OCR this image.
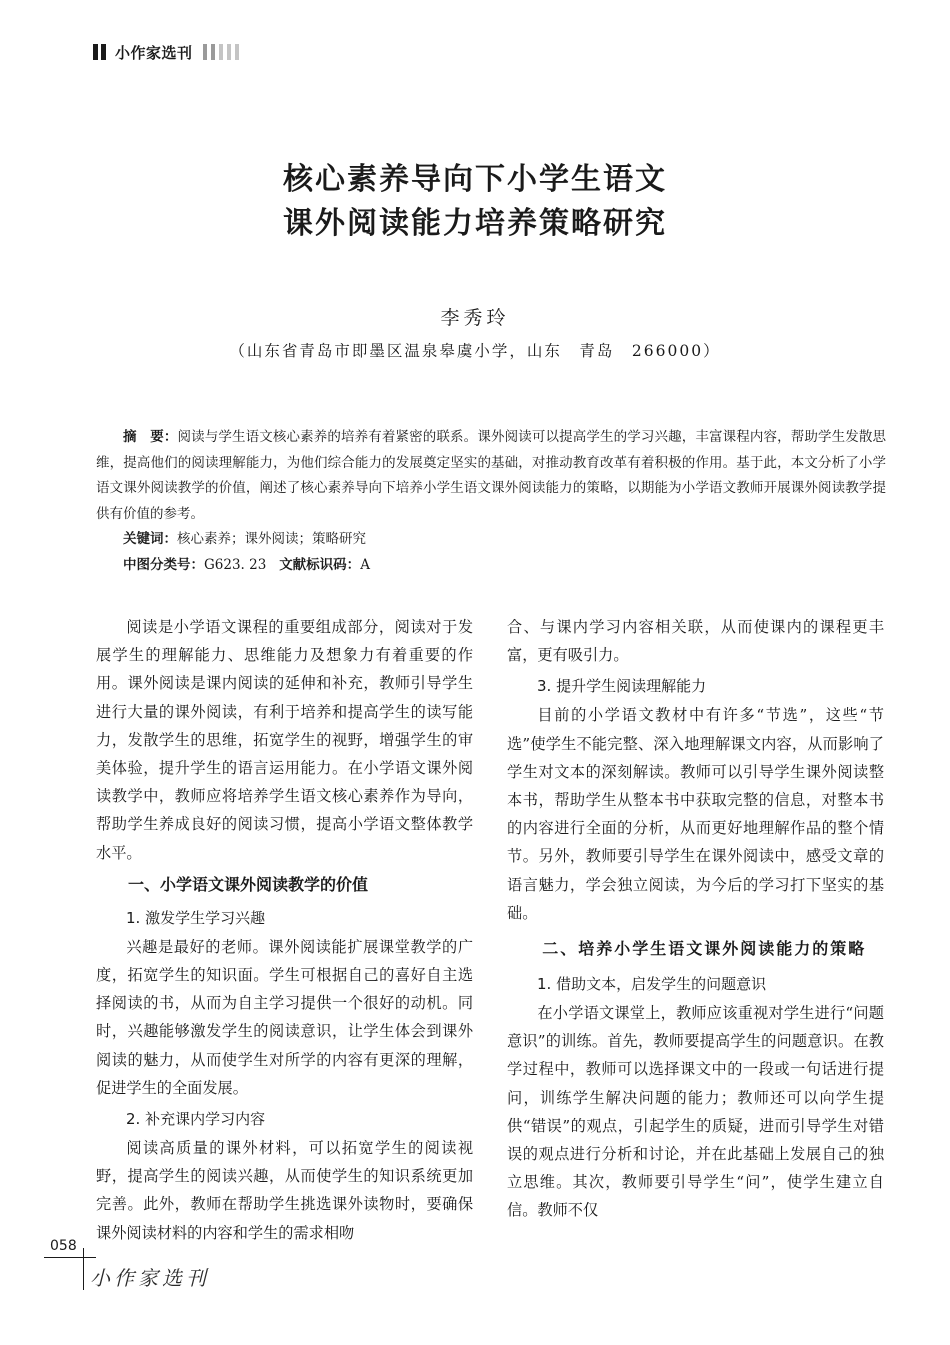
小作家选刊
核心素养导向下小学生语文
课外阅读能力培养策略研究
李秀玲
（山东省青岛市即墨区温泉皋虞小学，山东　青岛　266000）

摘　要：阅读与学生语文核心素养的培养有着紧密的联系。课外阅读可以提高学生的学习兴趣，丰富课程内容，帮助学生发散思维，提高他们的阅读理解能力，为他们综合能力的发展奠定坚实的基础，对推动教育改革有着积极的作用。基于此，本文分析了小学语文课外阅读教学的价值，阐述了核心素养导向下培养小学生语文课外阅读能力的策略，以期能为小学语文教师开展课外阅读教学提供有价值的参考。

关键词：核心素养；课外阅读；策略研究

中图分类号：G623. 23 文献标识码：A

阅读是小学语文课程的重要组成部分，阅读对于发展学生的理解能力、思维能力及想象力有着重要的作用。课外阅读是课内阅读的延伸和补充，教师引导学生进行大量的课外阅读，有利于培养和提高学生的读写能力，发散学生的思维，拓宽学生的视野，增强学生的审美体验，提升学生的语言运用能力。在小学语文课外阅读教学中，教师应将培养学生语文核心素养作为导向，帮助学生养成良好的阅读习惯，提高小学语文整体教学水平。

一、小学语文课外阅读教学的价值
1. 激发学生学习兴趣

兴趣是最好的老师。课外阅读能扩展课堂教学的广度，拓宽学生的知识面。学生可根据自己的喜好自主选择阅读的书，从而为自主学习提供一个很好的动机。同时，兴趣能够激发学生的阅读意识，让学生体会到课外阅读的魅力，从而使学生对所学的内容有更深的理解，促进学生的全面发展。

2. 补充课内学习内容

阅读高质量的课外材料，可以拓宽学生的阅读视野，提高学生的阅读兴趣，从而使学生的知识系统更加完善。此外，教师在帮助学生挑选课外读物时，要确保课外阅读材料的内容和学生的需求相吻

合、与课内学习内容相关联，从而使课内的课程更丰富，更有吸引力。

3. 提升学生阅读理解能力

目前的小学语文教材中有许多“节选”，这些“节选”使学生不能完整、深入地理解课文内容，从而影响了学生对文本的深刻解读。教师可以引导学生课外阅读整本书，帮助学生从整本书中获取完整的信息，对整本书的内容进行全面的分析，从而更好地理解作品的整个情节。另外，教师要引导学生在课外阅读中，感受文章的语言魅力，学会独立阅读，为今后的学习打下坚实的基础。

二、培养小学生语文课外阅读能力的策略
1. 借助文本，启发学生的问题意识

在小学语文课堂上，教师应该重视对学生进行“问题意识”的训练。首先，教师要提高学生的问题意识。在教学过程中，教师可以选择课文中的一段或一句话进行提问，训练学生解决问题的能力；教师还可以向学生提供“错误”的观点，引起学生的质疑，进而引导学生对错误的观点进行分析和讨论，并在此基础上发展自己的独立思维。其次，教师要引导学生“问”，使学生建立自信。教师不仅

058
小作家选刊
